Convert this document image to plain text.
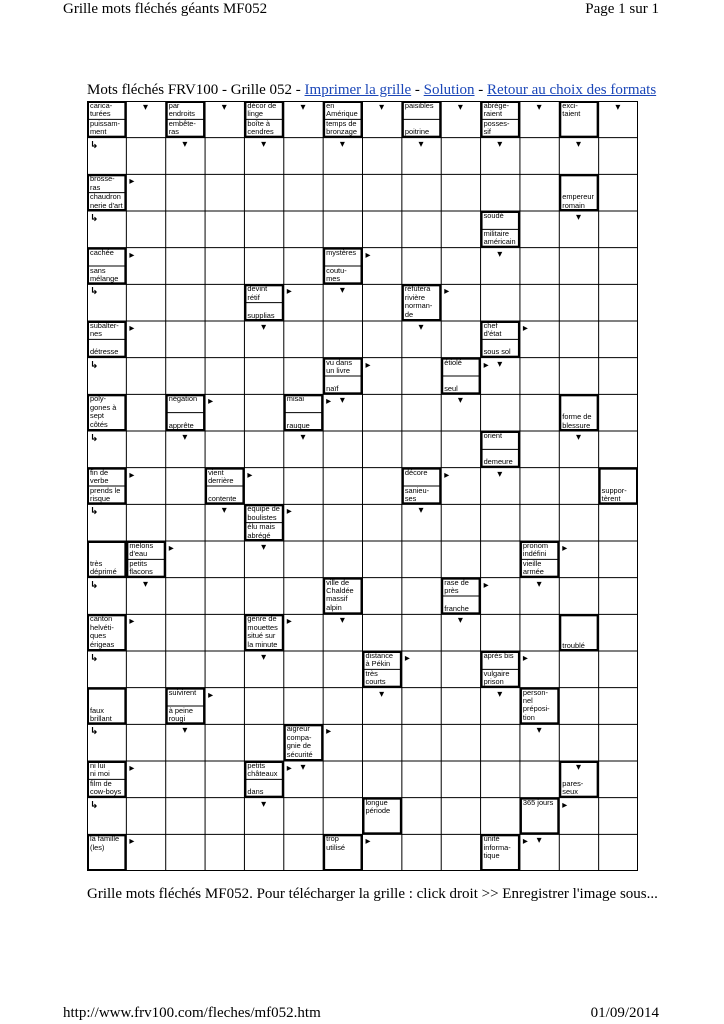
Grille mots fléchés géants MF052	Page 1 sur 1
Mots fléchés FRV100 - Grille 052 - Imprimer la grille - Solution - Retour au choix des formats
carica-
turées
puissam-
ment
par
endroits
embête-
ras
décor de
linge
boîte à
cendres
en
Amérique
temps de
bronzage
paisibles
poitrine
abrége-
raient
posses-
sif
exci-
taient
brosse-
ras
chaudron
nerie d'art
empereur
romain
soudé
militaire
américain
cachée
sans
mélange
mystères
coutu-
mes
devint
rétif
supplias
réfutera
rivière
norman-
de
subalter-
nes
détresse
chef
d'état
sous sol
vu dans
un livre
naïf
étiolé
seul
poly-
gones à
sept
côtés
négation
apprête
misai
rauque
forme de
blessure
orient
demeure
fin de
verbe
prends le
risque
vient
derrière
contente
décore
sanieu-
ses
suppor-
tèrent
équipe de
boulistes
élu mais
abrégé
très
déprimé
melons
d'eau
petits
flacons
pronom
indéfini
vieille
armée
ville de
Chaldée
massif
alpin
rase de
près
franche
canton
helvéti-
ques
érigeas
genre de
mouettes
situé sur
la minute	troublé
distance
à Pékin
très
courts
après bis
vulgaire
prison
faux
brillant
suivirent
à peine
rougi
person-
nel
préposi-
tion
aigreur
compa-
gnie de
sécurité
ni lui
ni moi
film de
cow-boys
petits
châteaux
dans
pares-
seux
longue
période
365 jours
la famille
(les)
trop
utilisé
unité
informa-
tique
▾	▾	▾	▾	▾	▾	▾
▾	▾	▾	▾	▾	▾
↳
▸
▾
↳
▾
▸	▸
▾
↳	▸	▸
▾	▾
▸	▸
▾
↳	▸	▸
▾	▾
▸	▸
▾	▾	▾
↳
▾
▸	▸	▸
▾	▾
↳	▸
▾
▸	▸
▾	▾
↳	▸
▾	▾
▸	▸
▾
↳	▸	▸
▾	▾
▸
▾	▾
↳	▸
▾
▸	▸
▾
▾
↳	▸
▾
▸	▸	▸
Grille mots fléchés MF052. Pour télécharger la grille : click droit >> Enregistrer l'image sous...
http://www.frv100.com/fleches/mf052.htm	01/09/2014
